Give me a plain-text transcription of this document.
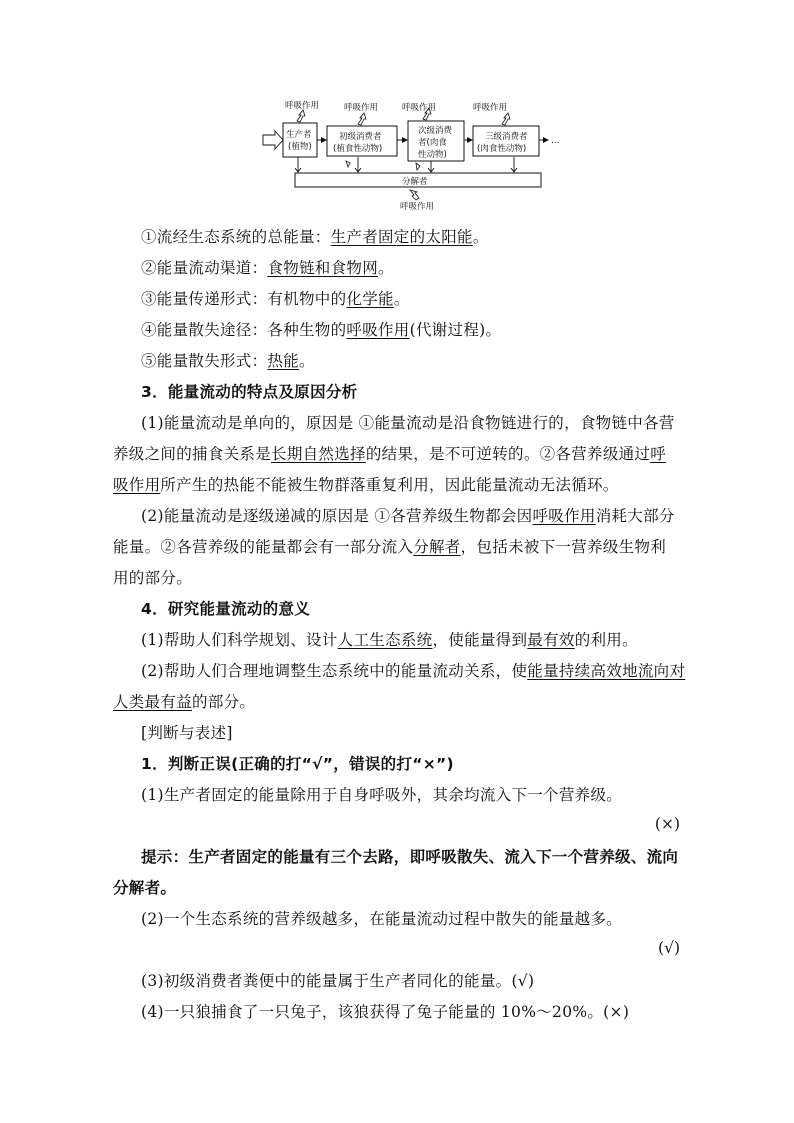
呼吸作用	呼吸作用	呼吸作用	呼吸作用
呼吸作用
生产者
(植物)
初级消费者
(植食性动物)
次级消费
者(肉食
性动物)
三级消费者
(肉食性动物)
…
分解者
①流经生态系统的总能量：生产者固定的太阳能。
②能量流动渠道：食物链和食物网。
③能量传递形式：有机物中的化学能。
④能量散失途径：各种生物的呼吸作用(代谢过程)。
⑤能量散失形式：热能。
3．能量流动的特点及原因分析
(1)能量流动是单向的，原因是 ①能量流动是沿食物链进行的，食物链中各营
养级之间的捕食关系是长期自然选择的结果，是不可逆转的。②各营养级通过呼
吸作用所产生的热能不能被生物群落重复利用，因此能量流动无法循环。
(2)能量流动是逐级递减的原因是 ①各营养级生物都会因呼吸作用消耗大部分
能量。②各营养级的能量都会有一部分流入分解者，包括未被下一营养级生物利
用的部分。
4．研究能量流动的意义
(1)帮助人们科学规划、设计人工生态系统，使能量得到最有效的利用。
(2)帮助人们合理地调整生态系统中的能量流动关系，使能量持续高效地流向对
人类最有益的部分。
[判断与表述]
1．判断正误(正确的打“√”，错误的打“×”)
(1)生产者固定的能量除用于自身呼吸外，其余均流入下一个营养级。
(×)
提示：生产者固定的能量有三个去路，即呼吸散失、流入下一个营养级、流向
分解者。
(2)一个生态系统的营养级越多，在能量流动过程中散失的能量越多。
(√)
(3)初级消费者粪便中的能量属于生产者同化的能量。(√)
(4)一只狼捕食了一只兔子，该狼获得了兔子能量的 10%～20%。(×)
